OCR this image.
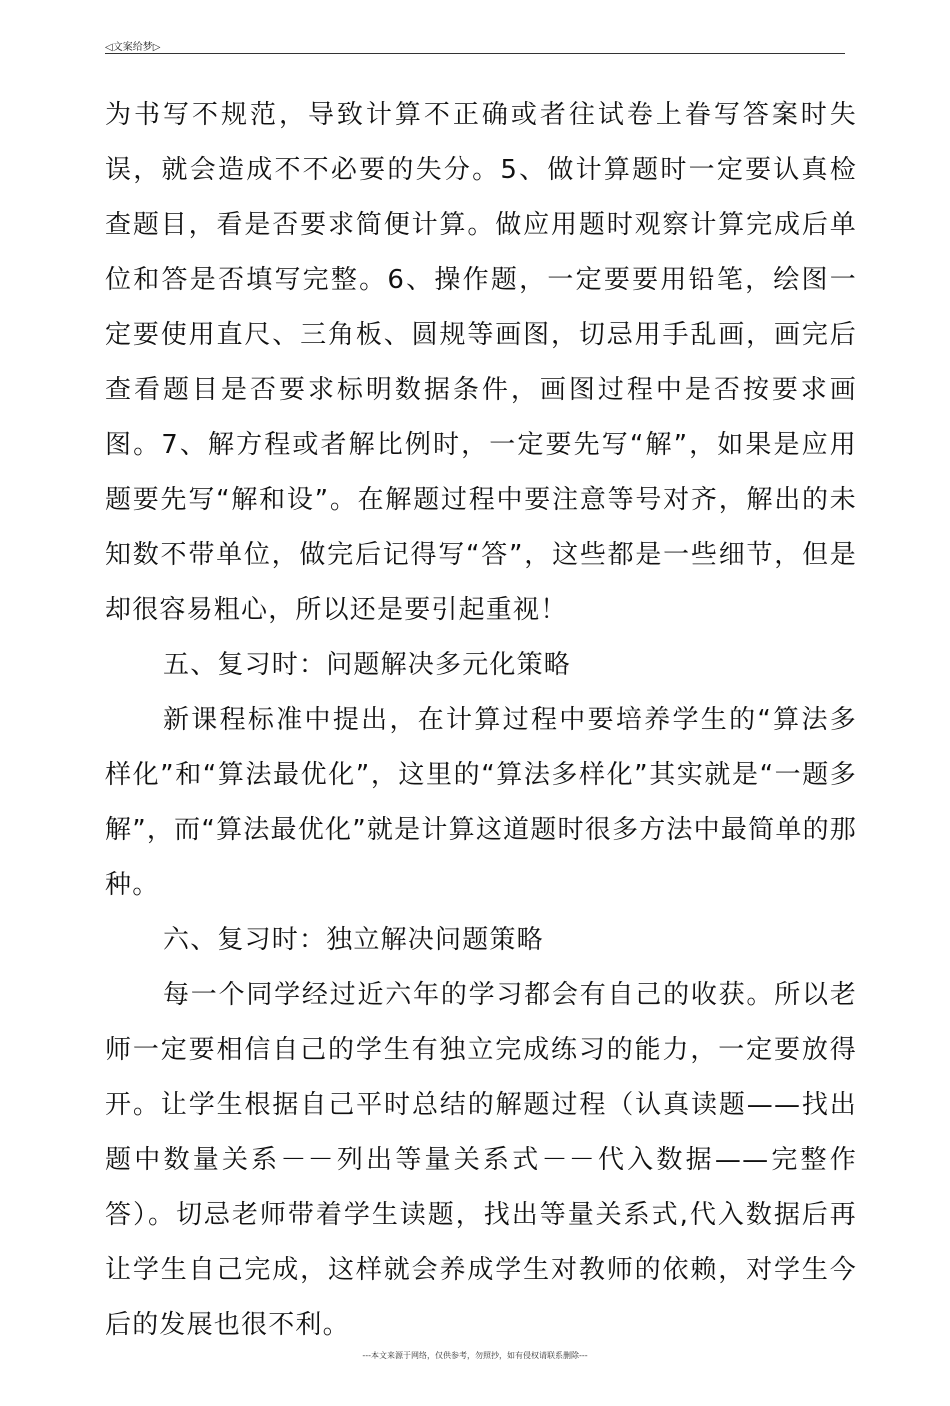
◁文案给梦▷

为书写不规范，导致计算不正确或者往试卷上眷写答案时失误，就会造成不不必要的失分。5、做计算题时一定要认真检查题目，看是否要求简便计算。做应用题时观察计算完成后单位和答是否填写完整。6、操作题，一定要要用铅笔，绘图一定要使用直尺、三角板、圆规等画图，切忌用手乱画，画完后查看题目是否要求标明数据条件，画图过程中是否按要求画图。7、解方程或者解比例时，一定要先写“解”，如果是应用题要先写“解和设”。在解题过程中要注意等号对齐，解出的未知数不带单位，做完后记得写“答”，这些都是一些细节，但是却很容易粗心，所以还是要引起重视！

五、复习时：问题解决多元化策略

新课程标准中提出，在计算过程中要培养学生的“算法多样化”和“算法最优化”，这里的“算法多样化”其实就是“一题多解”，而“算法最优化”就是计算这道题时很多方法中最简单的那种。

六、复习时：独立解决问题策略

每一个同学经过近六年的学习都会有自己的收获。所以老师一定要相信自己的学生有独立完成练习的能力，一定要放得开。让学生根据自己平时总结的解题过程（认真读题——找出题中数量关系－－列出等量关系式－－代入数据——完整作答）。切忌老师带着学生读题，找出等量关系式,代入数据后再让学生自己完成，这样就会养成学生对教师的依赖，对学生今后的发展也很不利。

---本文来源于网络，仅供参考，勿照抄，如有侵权请联系删除---
